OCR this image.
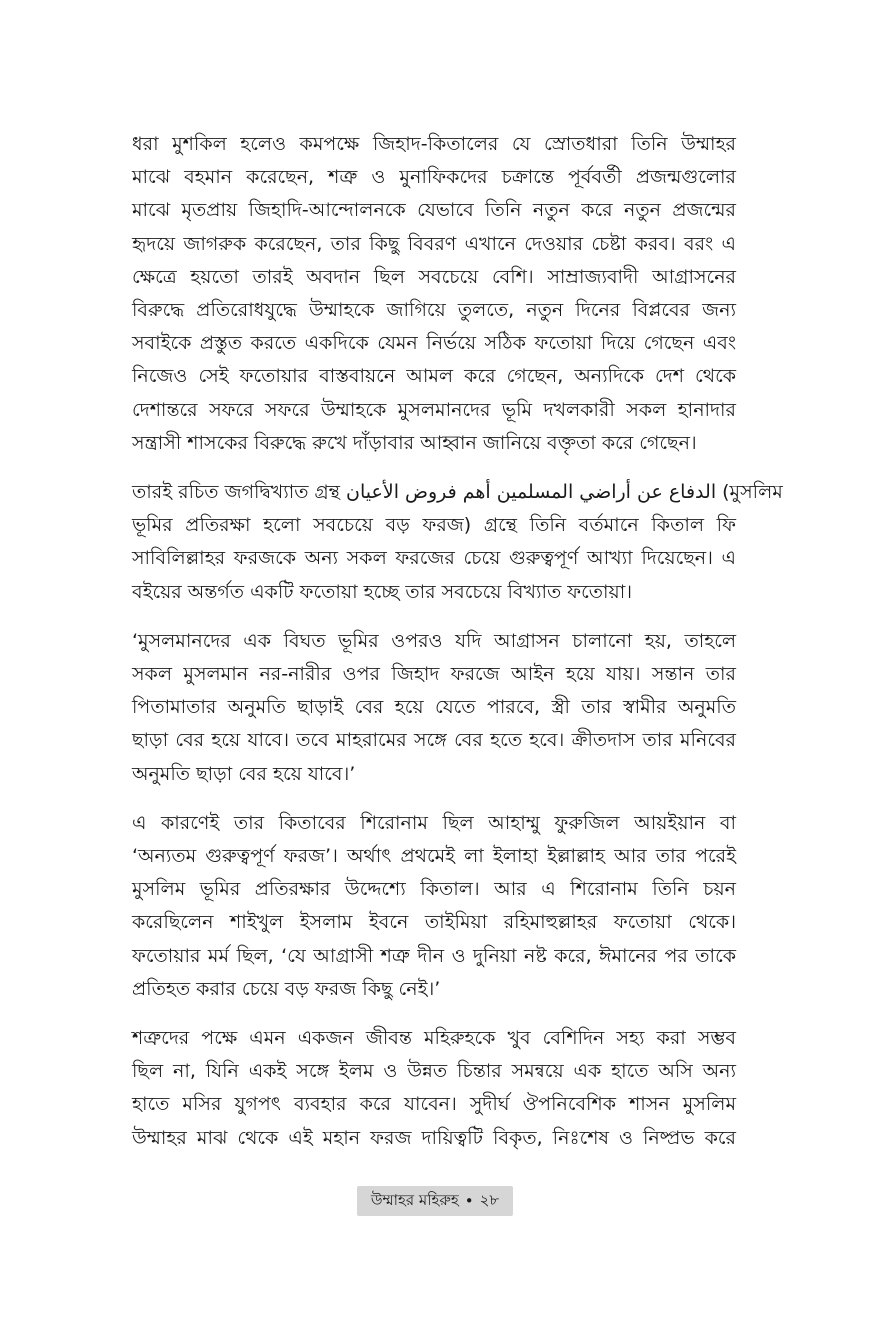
ধরা মুশকিল হলেও কমপক্ষে জিহাদ-কিতালের যে স্রোতধারা তিনি উম্মাহর
মাঝে বহমান করেছেন, শত্রু ও মুনাফিকদের চক্রান্তে পূর্ববর্তী প্রজন্মগুলোর
মাঝে মৃতপ্রায় জিহাদি-আন্দোলনকে যেভাবে তিনি নতুন করে নতুন প্রজন্মের
হৃদয়ে জাগরুক করেছেন, তার কিছু বিবরণ এখানে দেওয়ার চেষ্টা করব। বরং এ
ক্ষেত্রে হয়তো তারই অবদান ছিল সবচেয়ে বেশি। সাম্রাজ্যবাদী আগ্রাসনের
বিরুদ্ধে প্রতিরোধযুদ্ধে উম্মাহকে জাগিয়ে তুলতে, নতুন দিনের বিপ্লবের জন্য
সবাইকে প্রস্তুত করতে একদিকে যেমন নির্ভয়ে সঠিক ফতোয়া দিয়ে গেছেন এবং
নিজেও সেই ফতোয়ার বাস্তবায়নে আমল করে গেছেন, অন্যদিকে দেশ থেকে
দেশান্তরে সফরে সফরে উম্মাহকে মুসলমানদের ভূমি দখলকারী সকল হানাদার
সন্ত্রাসী শাসকের বিরুদ্ধে রুখে দাঁড়াবার আহ্বান জানিয়ে বক্তৃতা করে গেছেন।

তারই রচিত জগদ্বিখ্যাত গ্রন্থ الدفاع عن أراضي المسلمين أهم فروض الأعيان (মুসলিম
ভূমির প্রতিরক্ষা হলো সবচেয়ে বড় ফরজ) গ্রন্থে তিনি বর্তমানে কিতাল ফি
সাবিলিল্লাহর ফরজকে অন্য সকল ফরজের চেয়ে গুরুত্বপূর্ণ আখ্যা দিয়েছেন। এ
বইয়ের অন্তর্গত একটি ফতোয়া হচ্ছে তার সবচেয়ে বিখ্যাত ফতোয়া।

‘মুসলমানদের এক বিঘত ভূমির ওপরও যদি আগ্রাসন চালানো হয়, তাহলে
সকল মুসলমান নর-নারীর ওপর জিহাদ ফরজে আইন হয়ে যায়। সন্তান তার
পিতামাতার অনুমতি ছাড়াই বের হয়ে যেতে পারবে, স্ত্রী তার স্বামীর অনুমতি
ছাড়া বের হয়ে যাবে। তবে মাহরামের সঙ্গে বের হতে হবে। ক্রীতদাস তার মনিবের
অনুমতি ছাড়া বের হয়ে যাবে।’

এ কারণেই তার কিতাবের শিরোনাম ছিল আহাম্মু ফুরুজিল আয়ইয়ান বা
‘অন্যতম গুরুত্বপূর্ণ ফরজ’। অর্থাৎ প্রথমেই লা ইলাহা ইল্লাল্লাহ আর তার পরেই
মুসলিম ভূমির প্রতিরক্ষার উদ্দেশ্যে কিতাল। আর এ শিরোনাম তিনি চয়ন
করেছিলেন শাইখুল ইসলাম ইবনে তাইমিয়া রহিমাহুল্লাহর ফতোয়া থেকে।
ফতোয়ার মর্ম ছিল, ‘যে আগ্রাসী শত্রু দীন ও দুনিয়া নষ্ট করে, ঈমানের পর তাকে
প্রতিহত করার চেয়ে বড় ফরজ কিছু নেই।’

শত্রুদের পক্ষে এমন একজন জীবন্ত মহিরুহকে খুব বেশিদিন সহ্য করা সম্ভব
ছিল না, যিনি একই সঙ্গে ইলম ও উন্নত চিন্তার সমন্বয়ে এক হাতে অসি অন্য
হাতে মসির যুগপৎ ব্যবহার করে যাবেন। সুদীর্ঘ ঔপনিবেশিক শাসন মুসলিম
উম্মাহর মাঝ থেকে এই মহান ফরজ দায়িত্বটি বিকৃত, নিঃশেষ ও নিষ্প্রভ করে

উম্মাহর মহিরুহ • ২৮
